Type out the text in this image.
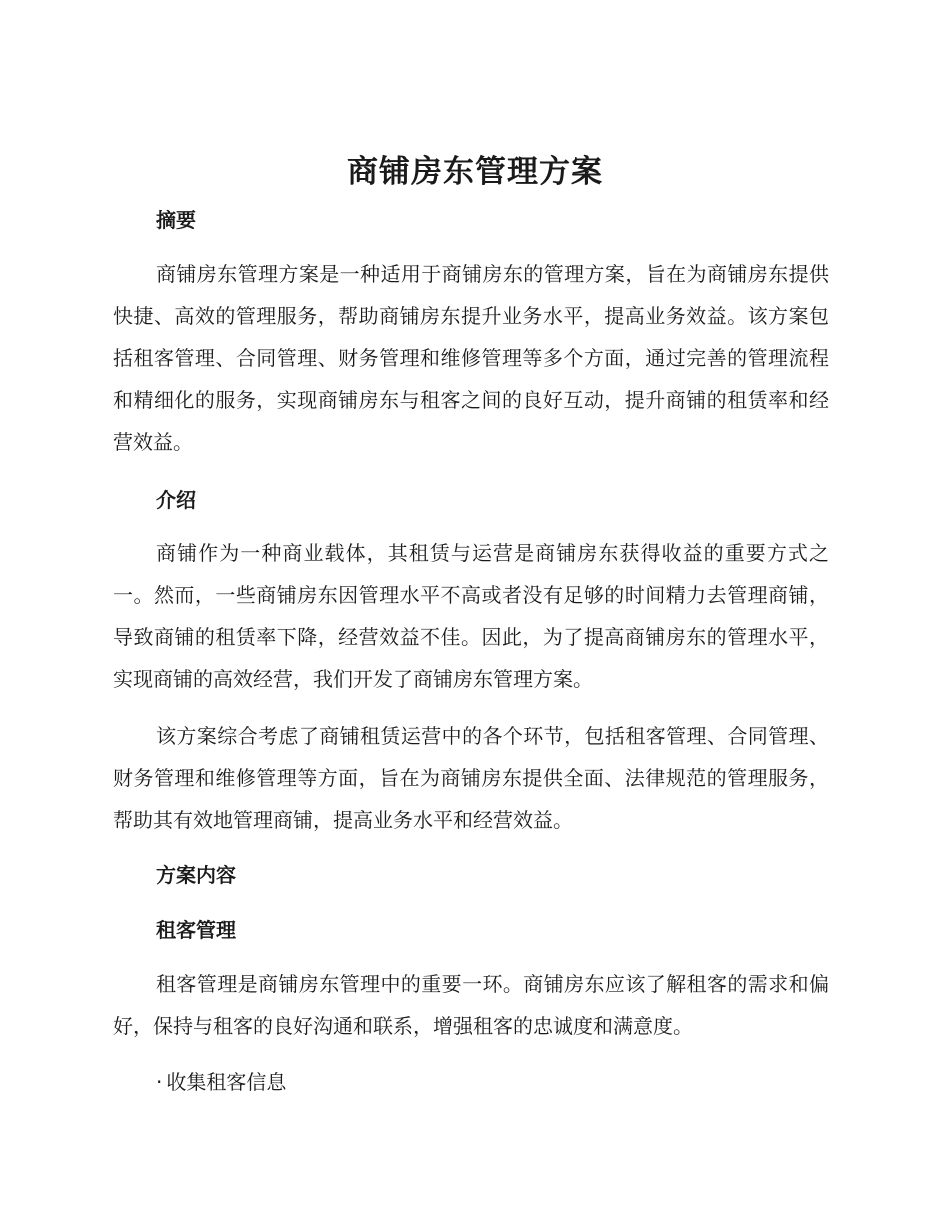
商铺房东管理方案
摘要

商铺房东管理方案是一种适用于商铺房东的管理方案，旨在为商铺房东提供快捷、高效的管理服务，帮助商铺房东提升业务水平，提高业务效益。该方案包括租客管理、合同管理、财务管理和维修管理等多个方面，通过完善的管理流程和精细化的服务，实现商铺房东与租客之间的良好互动，提升商铺的租赁率和经营效益。

介绍

商铺作为一种商业载体，其租赁与运营是商铺房东获得收益的重要方式之一。然而，一些商铺房东因管理水平不高或者没有足够的时间精力去管理商铺，导致商铺的租赁率下降，经营效益不佳。因此，为了提高商铺房东的管理水平，实现商铺的高效经营，我们开发了商铺房东管理方案。

该方案综合考虑了商铺租赁运营中的各个环节，包括租客管理、合同管理、财务管理和维修管理等方面，旨在为商铺房东提供全面、法律规范的管理服务，帮助其有效地管理商铺，提高业务水平和经营效益。

方案内容
租客管理

租客管理是商铺房东管理中的重要一环。商铺房东应该了解租客的需求和偏好，保持与租客的良好沟通和联系，增强租客的忠诚度和满意度。

· 收集租客信息
